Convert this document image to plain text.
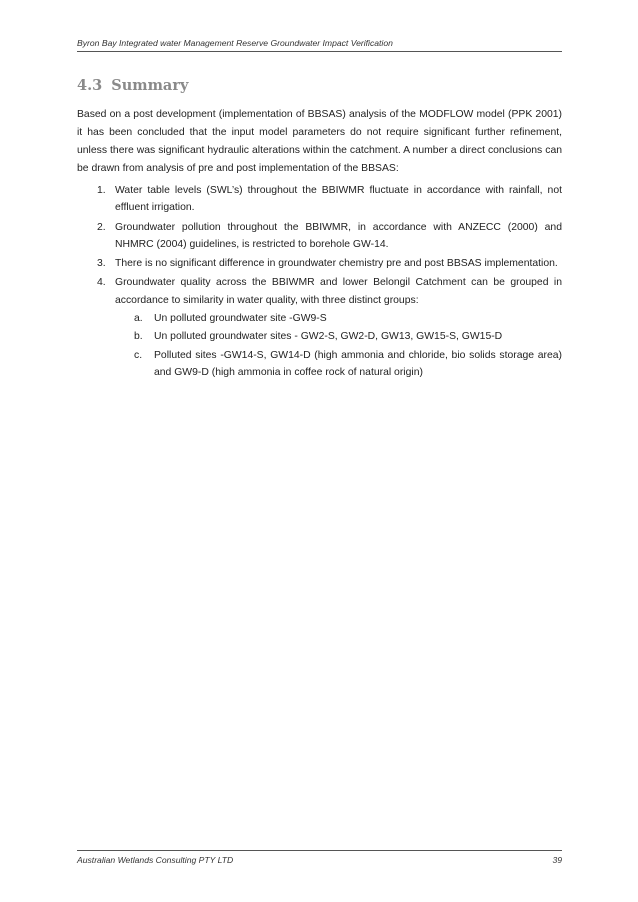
Byron Bay Integrated water Management Reserve Groundwater Impact Verification
4.3 Summary

Based on a post development (implementation of BBSAS) analysis of the MODFLOW model (PPK 2001) it has been concluded that the input model parameters do not require significant further refinement, unless there was significant hydraulic alterations within the catchment. A number a direct conclusions can be drawn from analysis of pre and post implementation of the BBSAS:

1. Water table levels (SWL’s) throughout the BBIWMR fluctuate in accordance with rainfall, not effluent irrigation.
2. Groundwater pollution throughout the BBIWMR, in accordance with ANZECC (2000) and NHMRC (2004) guidelines, is restricted to borehole GW-14.
3. There is no significant difference in groundwater chemistry pre and post BBSAS implementation.
4. Groundwater quality across the BBIWMR and lower Belongil Catchment can be grouped in accordance to similarity in water quality, with three distinct groups:
a. Un polluted groundwater site -GW9-S
b. Un polluted groundwater sites - GW2-S, GW2-D, GW13, GW15-S, GW15-D
c. Polluted sites -GW14-S, GW14-D (high ammonia and chloride, bio solids storage area) and GW9-D (high ammonia in coffee rock of natural origin)
Australian Wetlands Consulting PTY LTD	39
